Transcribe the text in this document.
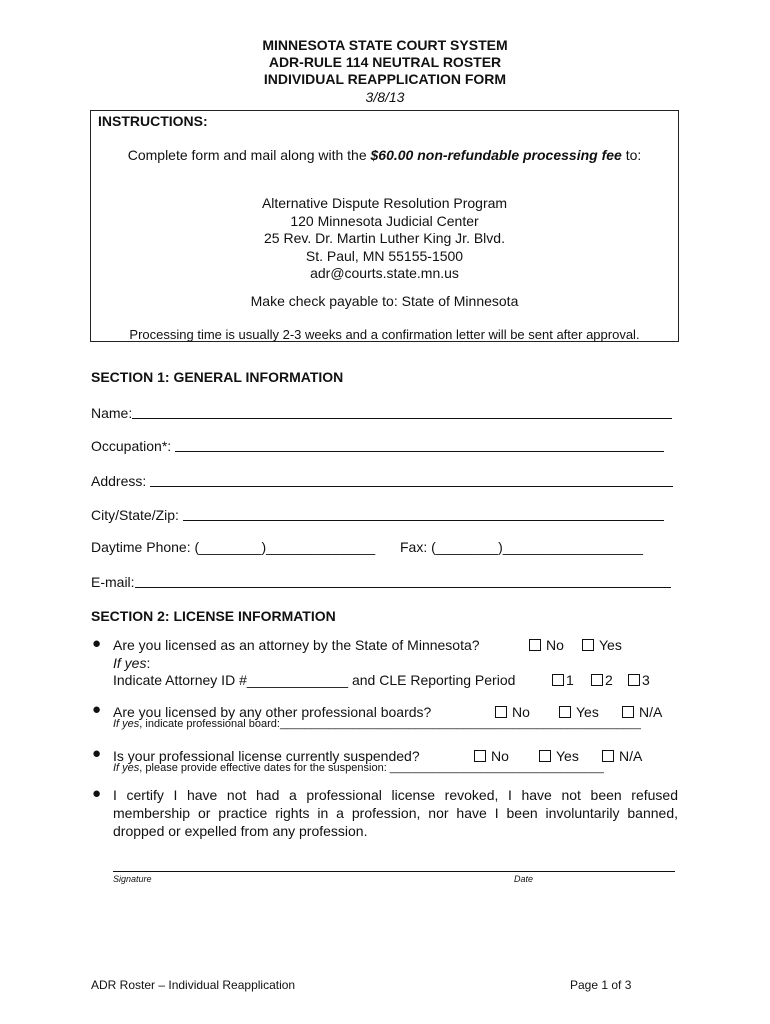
MINNESOTA STATE COURT SYSTEM
ADR-RULE 114 NEUTRAL ROSTER
INDIVIDUAL REAPPLICATION FORM
3/8/13
INSTRUCTIONS:
Complete form and mail along with the $60.00 non-refundable processing fee to:
Alternative Dispute Resolution Program
120 Minnesota Judicial Center
25 Rev. Dr. Martin Luther King Jr. Blvd.
St. Paul, MN 55155-1500
adr@courts.state.mn.us
Make check payable to: State of Minnesota
Processing time is usually 2-3 weeks and a confirmation letter will be sent after approval.
SECTION 1: GENERAL INFORMATION
Name:
Occupation*:
Address:
City/State/Zip:
Daytime Phone: (________)______________ Fax: (________)__________________
E-mail:
SECTION 2: LICENSE INFORMATION
● Are you licensed as an attorney by the State of Minnesota?	No	Yes
If yes:
Indicate Attorney ID #_____________ and CLE Reporting Period	1	2	3
● Are you licensed by any other professional boards?	No	Yes	N/A
If yes, indicate professional board:___________________________________________________________
● Is your professional license currently suspended?	No	Yes	N/A
If yes, please provide effective dates for the suspension: ___________________________________
● I certify I have not had a professional license revoked, I have not been refused membership or practice rights in a profession, nor have I been involuntarily banned, dropped or expelled from any profession.
Signature	Date
ADR Roster – Individual Reapplication	Page 1 of 3
